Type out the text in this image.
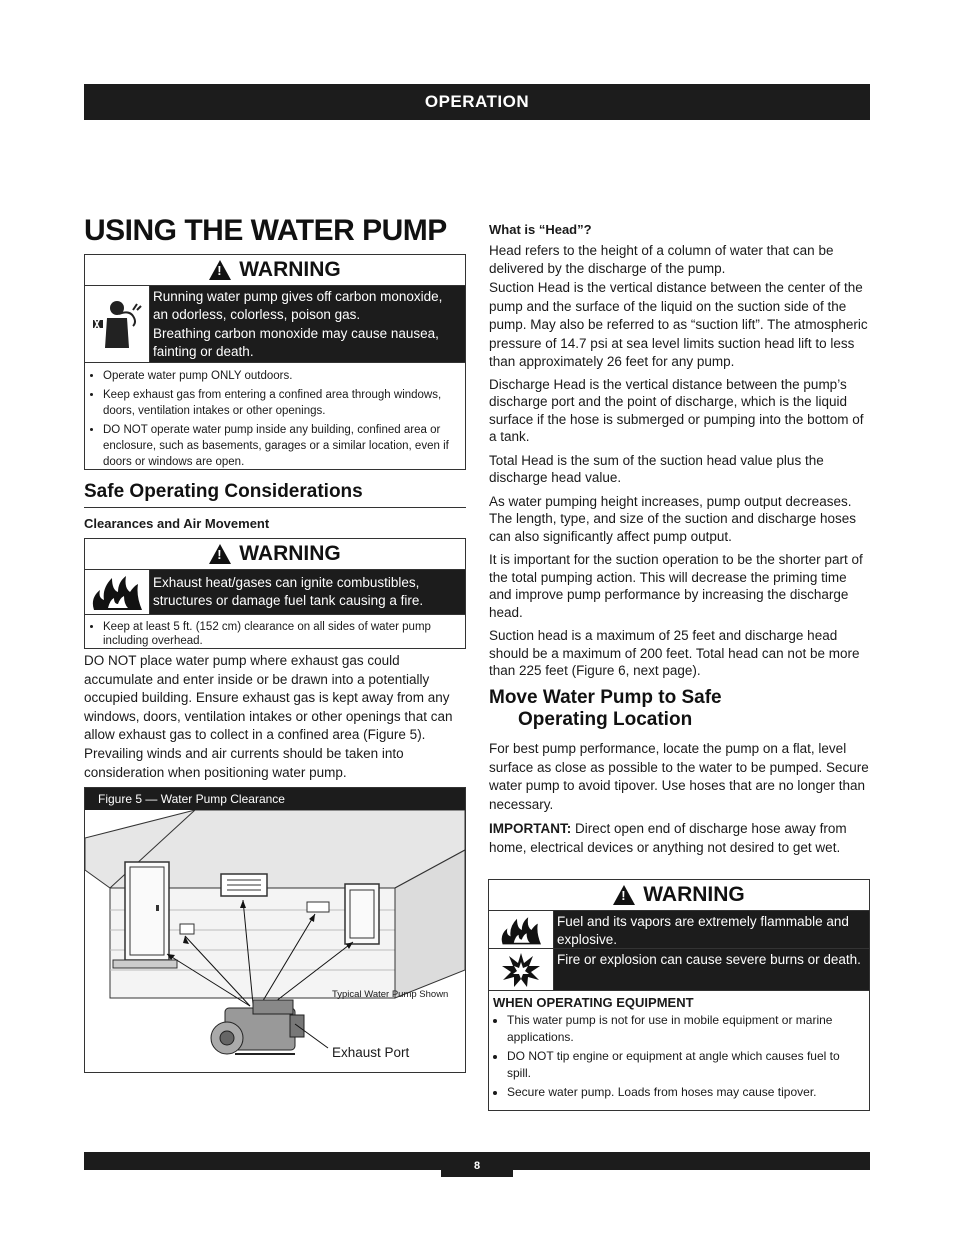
OPERATION
USING THE WATER PUMP
!
WARNING

Running water pump gives off carbon monoxide, an odorless, colorless, poison gas.

Breathing carbon monoxide may cause nausea, fainting or death.

• Operate water pump ONLY outdoors.
• Keep exhaust gas from entering a confined area through windows, doors, ventilation intakes or other openings.
• DO NOT operate water pump inside any building, confined area or enclosure, such as basements, garages or a similar location, even if doors or windows are open.
Safe Operating Considerations
Clearances and Air Movement
!
WARNING
Exhaust heat/gases can ignite combustibles, structures or damage fuel tank causing a fire.
• Keep at least 5 ft. (152 cm) clearance on all sides of water pump including overhead.

DO NOT place water pump where exhaust gas could accumulate and enter inside or be drawn into a potentially occupied building. Ensure exhaust gas is kept away from any windows, doors, ventilation intakes or other openings that can allow exhaust gas to collect in a confined area (Figure 5). Prevailing winds and air currents should be taken into consideration when positioning water pump.

Figure 5 — Water Pump Clearance
Typical Water Pump Shown
Exhaust Port
What is “Head”?

Head refers to the height of a column of water that can be delivered by the discharge of the pump.

Suction Head is the vertical distance between the center of the pump and the surface of the liquid on the suction side of the pump. May also be referred to as “suction lift”. The atmospheric pressure of 14.7 psi at sea level limits suction head lift to less than approximately 26 feet for any pump.

Discharge Head is the vertical distance between the pump’s discharge port and the point of discharge, which is the liquid surface if the hose is submerged or pumping into the bottom of a tank.

Total Head is the sum of the suction head value plus the discharge head value.

As water pumping height increases, pump output decreases. The length, type, and size of the suction and discharge hoses can also significantly affect pump output.

It is important for the suction operation to be the shorter part of the total pumping action. This will decrease the priming time and improve pump performance by increasing the discharge head.

Suction head is a maximum of 25 feet and discharge head should be a maximum of 200 feet. Total head can not be more than 225 feet (Figure 6, next page).

Move Water Pump to Safe
Operating Location

For best pump performance, locate the pump on a flat, level surface as close as possible to the water to be pumped. Secure water pump to avoid tipover. Use hoses that are no longer than necessary.

IMPORTANT: Direct open end of discharge hose away from home, electrical devices or anything not desired to get wet.

!
WARNING
Fuel and its vapors are extremely flammable and explosive.
Fire or explosion can cause severe burns or death.
WHEN OPERATING EQUIPMENT
• This water pump is not for use in mobile equipment or marine applications.
• DO NOT tip engine or equipment at angle which causes fuel to spill.
• Secure water pump. Loads from hoses may cause tipover.
8
